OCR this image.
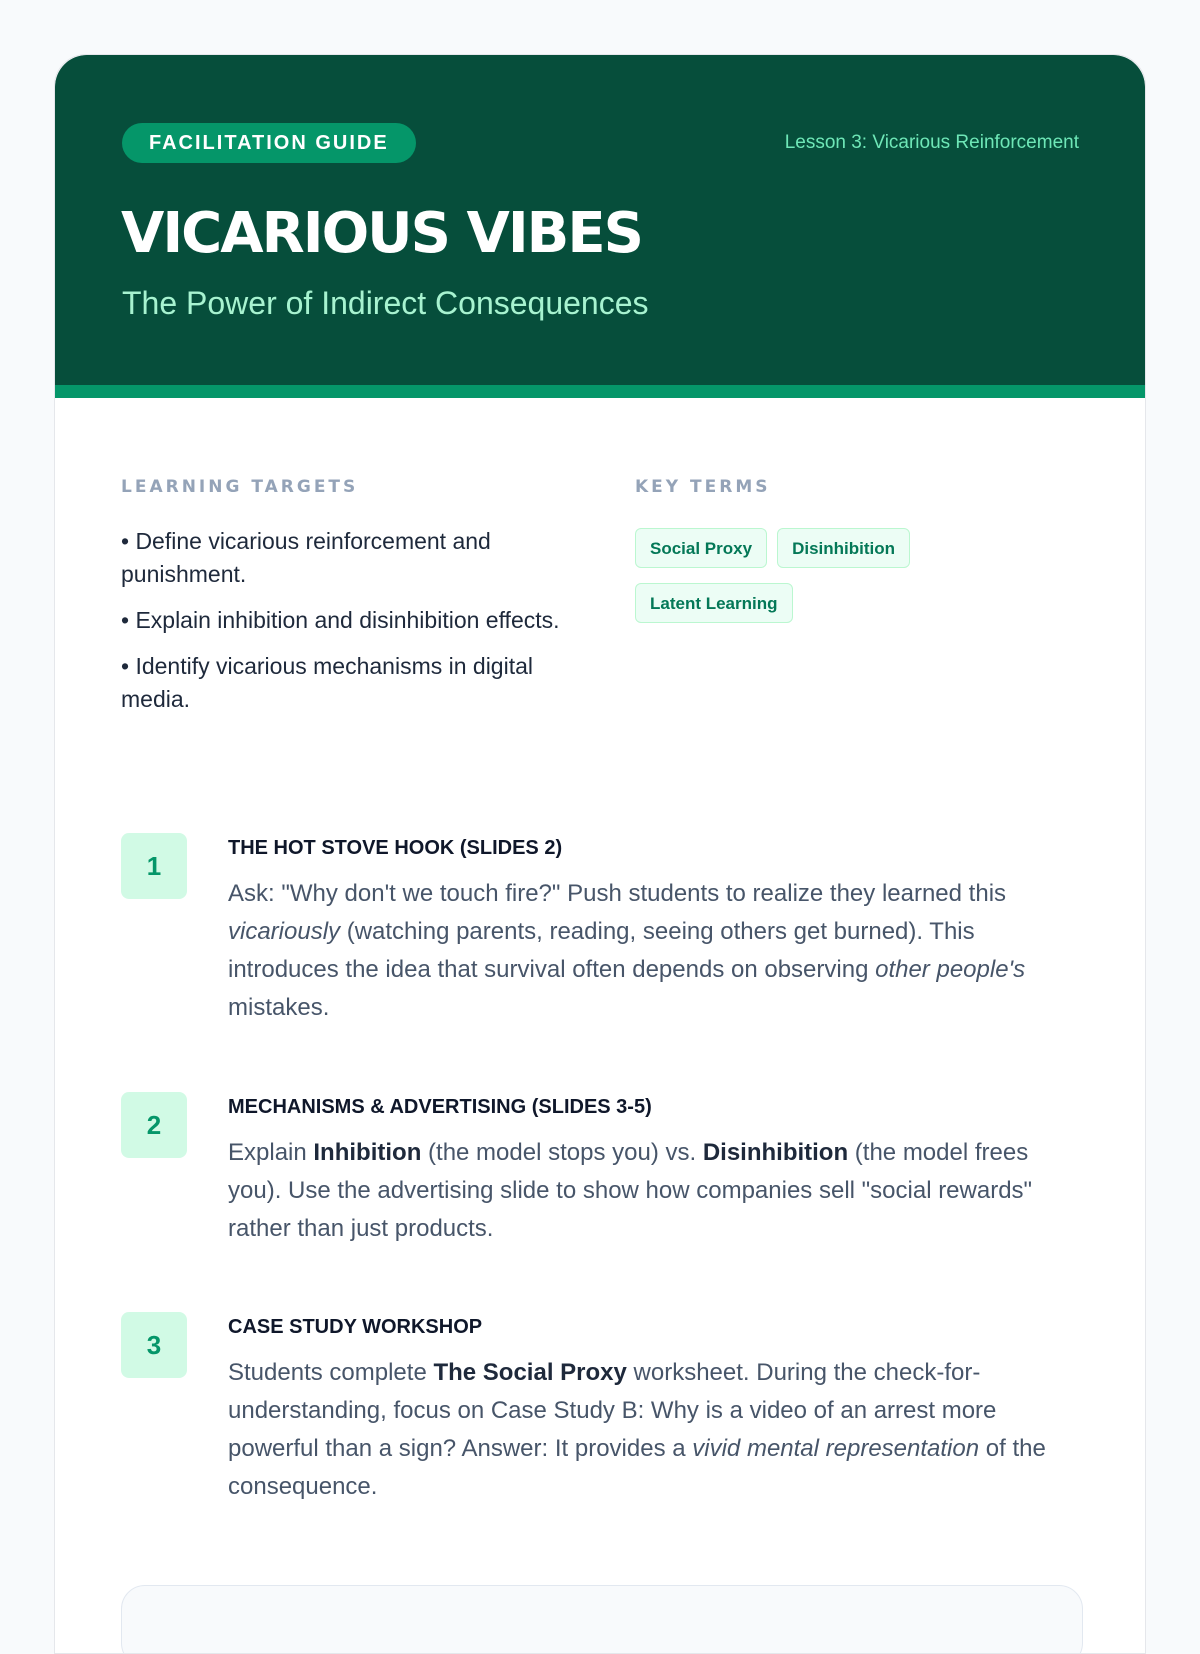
FACILITATION GUIDE	Lesson 3: Vicarious Reinforcement
VICARIOUS VIBES
The Power of Indirect Consequences
LEARNING TARGETS
• Define vicarious reinforcement and punishment.
• Explain inhibition and disinhibition effects.
• Identify vicarious mechanisms in digital media.
KEY TERMS
Social Proxy DisinhibitionLatent Learning
1
THE HOT STOVE HOOK (SLIDES 2)

Ask: "Why don't we touch fire?" Push students to realize they learned this vicariously (watching parents, reading, seeing others get burned). This introduces the idea that survival often depends on observing other people's mistakes.

2
MECHANISMS & ADVERTISING (SLIDES 3-5)

Explain Inhibition (the model stops you) vs. Disinhibition (the model frees you). Use the advertising slide to show how companies sell "social rewards" rather than just products.

3
CASE STUDY WORKSHOP

Students complete The Social Proxy worksheet. During the check-for-understanding, focus on Case Study B: Why is a video of an arrest more powerful than a sign? Answer: It provides a vivid mental representation of the consequence.
